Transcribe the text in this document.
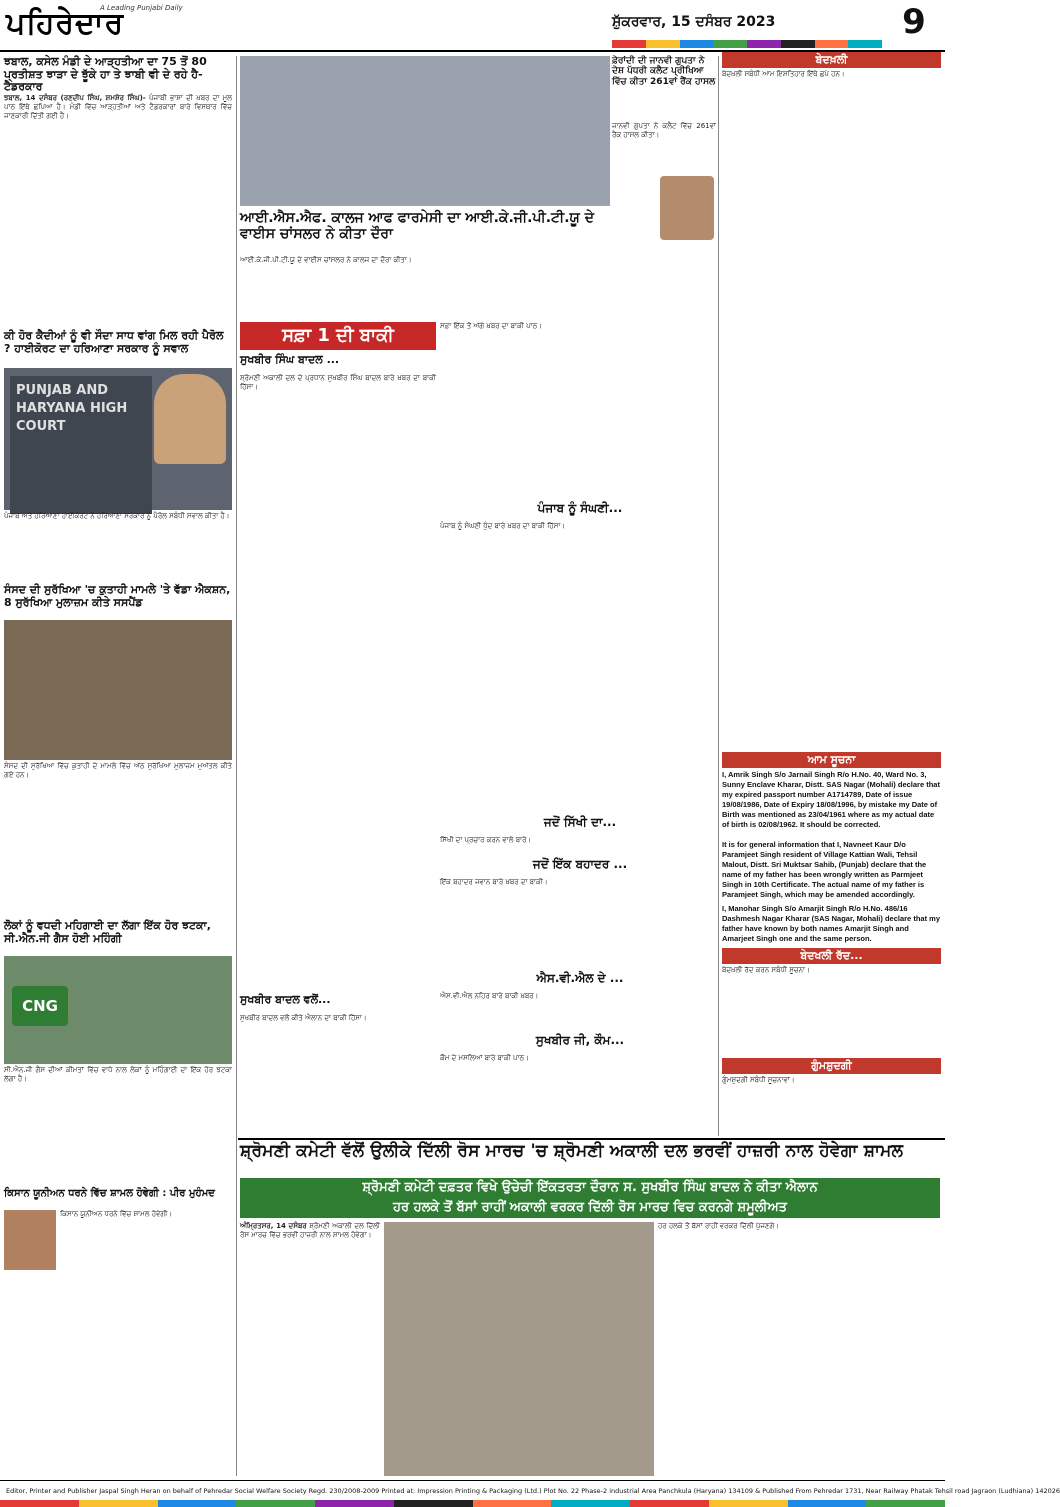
ਪਹਿਰੇਦਾਰ
A Leading Punjabi Daily
ਸ਼ੁੱਕਰਵਾਰ, 15 ਦਸੰਬਰ 2023	9
ਝਬਾਲ, ਕਸੇਲ ਮੰਡੀ ਦੇ ਆੜ੍ਹਤੀਆ ਦਾ 75 ਤੋਂ 80 ਪ੍ਰਤੀਸ਼ਤ ਝਾੜਾ ਦੇ ਝੂੱਕੇ ਹਾ ਤੇ ਝਾਬੀ ਵੀ ਦੇ ਰਹੇ ਹੈ-ਟੈਡਰਕਾਰ
ਝਬਾਲ, 14 ਦਸੰਬਰ (ਰਣਦੀਪ ਸਿੰਘ, ਸ਼ਮਸ਼ੇਰ ਸਿੰਘ)- ਪੰਜਾਬੀ ਭਾਸ਼ਾ ਦੀ ਖ਼ਬਰ ਦਾ ਮੂਲ ਪਾਠ ਇੱਥੇ ਛਪਿਆ ਹੈ। ਮੰਡੀ ਵਿੱਚ ਆੜ੍ਹਤੀਆਂ ਅਤੇ ਟੈਡਰਕਾਰਾਂ ਬਾਰੇ ਵਿਸਥਾਰ ਵਿੱਚ ਜਾਣਕਾਰੀ ਦਿੱਤੀ ਗਈ ਹੈ।
ਕੀ ਹੋਰ ਕੈਦੀਆਂ ਨੂੰ ਵੀ ਸੌਦਾ ਸਾਧ ਵਾਂਗ ਮਿਲ ਰਹੀ ਪੈਰੋਲ ? ਹਾਈਕੋਰਟ ਦਾ ਹਰਿਆਣਾ ਸਰਕਾਰ ਨੂੰ ਸਵਾਲ
PUNJAB AND HARYANA HIGH COURT
ਪੰਜਾਬ ਅਤੇ ਹਰਿਆਣਾ ਹਾਈਕੋਰਟ ਨੇ ਹਰਿਆਣਾ ਸਰਕਾਰ ਨੂੰ ਪੈਰੋਲ ਸਬੰਧੀ ਸਵਾਲ ਕੀਤਾ ਹੈ।
ਸੰਸਦ ਦੀ ਸੁਰੱਖਿਆ 'ਚ ਕੁਤਾਹੀ ਮਾਮਲੇ 'ਤੇ ਵੱਡਾ ਐਕਸ਼ਨ, 8 ਸੁਰੱਖਿਆ ਮੁਲਾਜ਼ਮ ਕੀਤੇ ਸਸਪੈਂਡ
ਸੰਸਦ ਦੀ ਸੁਰੱਖਿਆ ਵਿੱਚ ਕੁਤਾਹੀ ਦੇ ਮਾਮਲੇ ਵਿੱਚ ਅੱਠ ਸੁਰੱਖਿਆ ਮੁਲਾਜ਼ਮ ਮੁਅੱਤਲ ਕੀਤੇ ਗਏ ਹਨ।
ਲੋਕਾਂ ਨੂੰ ਵਧਦੀ ਮਹਿਗਾਈ ਦਾ ਲੱਗਾ ਇੱਕ ਹੋਰ ਝਟਕਾ, ਸੀ.ਐਨ.ਜੀ ਗੈਸ ਹੋਈ ਮਹਿੰਗੀ
CNG
ਸੀ.ਐਨ.ਜੀ ਗੈਸ ਦੀਆਂ ਕੀਮਤਾਂ ਵਿੱਚ ਵਾਧੇ ਨਾਲ ਲੋਕਾਂ ਨੂੰ ਮਹਿੰਗਾਈ ਦਾ ਇੱਕ ਹੋਰ ਝਟਕਾ ਲੱਗਾ ਹੈ।
ਕਿਸਾਨ ਯੂਨੀਅਨ ਧਰਨੇ ਵਿੱਚ ਸ਼ਾਮਲ ਹੋਵੇਗੀ : ਪੀਰ ਮੁਹੰਮਦ
ਕਿਸਾਨ ਯੂਨੀਅਨ ਧਰਨੇ ਵਿੱਚ ਸ਼ਾਮਲ ਹੋਵੇਗੀ।
ਆਈ.ਐਸ.ਐਫ. ਕਾਲਜ ਆਫ ਫਾਰਮੇਸੀ ਦਾ ਆਈ.ਕੇ.ਜੀ.ਪੀ.ਟੀ.ਯੂ ਦੇ ਵਾਈਸ ਚਾਂਸਲਰ ਨੇ ਕੀਤਾ ਦੌਰਾ
ਆਈ.ਕੇ.ਜੀ.ਪੀ.ਟੀ.ਯੂ ਦੇ ਵਾਈਸ ਚਾਂਸਲਰ ਨੇ ਕਾਲਜ ਦਾ ਦੌਰਾ ਕੀਤਾ।
ਫ਼ੇਰਾਂਦੀ ਦੀ ਜਾਨਵੀ ਗੁਪਤਾ ਨੇ ਦੇਸ਼ ਪੱਧਰੀ ਕਲੈਟ ਪ੍ਰੀਖਿਆ ਵਿੱਚ ਕੀਤਾ 261ਵਾਂ ਰੈਂਕ ਹਾਸਲ
ਜਾਨਵੀ ਗੁਪਤਾ ਨੇ ਕਲੈਟ ਵਿੱਚ 261ਵਾਂ ਰੈਂਕ ਹਾਸਲ ਕੀਤਾ।
ਸਫ਼ਾ 1 ਦੀ ਬਾਕੀ
ਸੁਖਬੀਰ ਸਿੰਘ ਬਾਦਲ ...
ਸ਼੍ਰੋਮਣੀ ਅਕਾਲੀ ਦਲ ਦੇ ਪ੍ਰਧਾਨ ਸੁਖਬੀਰ ਸਿੰਘ ਬਾਦਲ ਬਾਰੇ ਖ਼ਬਰ ਦਾ ਬਾਕੀ ਹਿੱਸਾ।
ਸੁਖਬੀਰ ਬਾਦਲ ਵਲੋਂ...
ਸੁਖਬੀਰ ਬਾਦਲ ਵਲੋਂ ਕੀਤੇ ਐਲਾਨ ਦਾ ਬਾਕੀ ਹਿੱਸਾ।
ਸਫ਼ਾ ਇੱਕ ਤੋਂ ਅੱਗੇ ਖ਼ਬਰ ਦਾ ਬਾਕੀ ਪਾਠ।
ਪੰਜਾਬ ਨੂੰ ਸੰਘਣੀ...
ਪੰਜਾਬ ਨੂੰ ਸੰਘਣੀ ਧੁੰਦ ਬਾਰੇ ਖ਼ਬਰ ਦਾ ਬਾਕੀ ਹਿੱਸਾ।
ਜਦੋਂ ਸਿੱਖੀ ਦਾ...
ਸਿੱਖੀ ਦਾ ਪ੍ਰਚਾਰ ਕਰਨ ਵਾਲੇ ਬਾਰੇ।
ਜਦੋਂ ਇੱਕ ਬਹਾਦਰ ...
ਇੱਕ ਬਹਾਦਰ ਜਵਾਨ ਬਾਰੇ ਖ਼ਬਰ ਦਾ ਬਾਕੀ।
ਐਸ.ਵੀ.ਐਲ ਦੇ ...
ਐਸ.ਵੀ.ਐਲ ਨਹਿਰ ਬਾਰੇ ਬਾਕੀ ਖ਼ਬਰ।
ਸੁਖਬੀਰ ਜੀ, ਕੌਮ...
ਕੌਮ ਦੇ ਮਸਲਿਆਂ ਬਾਰੇ ਬਾਕੀ ਪਾਠ।
ਬੇਦਖ਼ਲੀ
ਬੇਦਖ਼ਲੀ ਸਬੰਧੀ ਆਮ ਇਸ਼ਤਿਹਾਰ ਇੱਥੇ ਛਪੇ ਹਨ।
ਆਮ ਸੂਚਨਾ
I, Amrik Singh S/o Jarnail Singh R/o H.No. 40, Ward No. 3, Sunny Enclave Kharar, Distt. SAS Nagar (Mohali) declare that my expired passport number A1714789, Date of issue 19/08/1986, Date of Expiry 18/08/1996, by mistake my Date of Birth was mentioned as 23/04/1961 where as my actual date of birth is 02/08/1962. It should be corrected.
It is for general information that I, Navneet Kaur D/o Paramjeet Singh resident of Village Kattian Wali, Tehsil Malout, Distt. Sri Muktsar Sahib, (Punjab) declare that the name of my father has been wrongly written as Parmjeet Singh in 10th Certificate. The actual name of my father is Paramjeet Singh, which may be amended accordingly.
I, Manohar Singh S/o Amarjit Singh R/o H.No. 486/16 Dashmesh Nagar Kharar (SAS Nagar, Mohali) declare that my father have known by both names Amarjit Singh and Amarjeet Singh one and the same person.
ਬੇਦਖਲੀ ਰੱਦ...
ਬੇਦਖ਼ਲੀ ਰੱਦ ਕਰਨ ਸਬੰਧੀ ਸੂਚਨਾ।
ਗੁੰਮਸ਼ੁਦਗੀ
ਗੁੰਮਸ਼ੁਦਗੀ ਸਬੰਧੀ ਸੂਚਨਾਵਾਂ।
ਸ਼੍ਰੋਮਣੀ ਕਮੇਟੀ ਵੱਲੋਂ ਉਲੀਕੇ ਦਿੱਲੀ ਰੋਸ ਮਾਰਚ 'ਚ ਸ਼੍ਰੋਮਣੀ ਅਕਾਲੀ ਦਲ ਭਰਵੀਂ ਹਾਜ਼ਰੀ ਨਾਲ ਹੋਵੇਗਾ ਸ਼ਾਮਲ
ਸ਼੍ਰੋਮਣੀ ਕਮੇਟੀ ਦਫ਼ਤਰ ਵਿਖੇ ਉਚੇਚੀ ਇੱਕਤਰਤਾ ਦੌਰਾਨ ਸ. ਸੁਖਬੀਰ ਸਿੰਘ ਬਾਦਲ ਨੇ ਕੀਤਾ ਐਲਾਨ
ਹਰ ਹਲਕੇ ਤੋਂ ਬੱਸਾਂ ਰਾਹੀਂ ਅਕਾਲੀ ਵਰਕਰ ਦਿੱਲੀ ਰੋਸ ਮਾਰਚ ਵਿਚ ਕਰਨਗੇ ਸ਼ਮੂਲੀਅਤ
ਅੰਮ੍ਰਿਤਸਰ, 14 ਦਸੰਬਰ ਸ਼੍ਰੋਮਣੀ ਅਕਾਲੀ ਦਲ ਦਿੱਲੀ ਰੋਸ ਮਾਰਚ ਵਿੱਚ ਭਰਵੀਂ ਹਾਜ਼ਰੀ ਨਾਲ ਸ਼ਾਮਲ ਹੋਵੇਗਾ।
ਹਰ ਹਲਕੇ ਤੋਂ ਬੱਸਾਂ ਰਾਹੀਂ ਵਰਕਰ ਦਿੱਲੀ ਪੁੱਜਣਗੇ।
Editor, Printer and Publisher Jaspal Singh Heran on behalf of Pehredar Social Welfare Society Regd. 230/2008-2009 Printed at: Impression Printing & Packaging (Ltd.) Plot No. 22 Phase-2 industrial Area Panchkula (Haryana) 134109 & Published From Pehredar 1731, Near Railway Phatak Tehsil road Jagraon (Ludhiana) 142026
